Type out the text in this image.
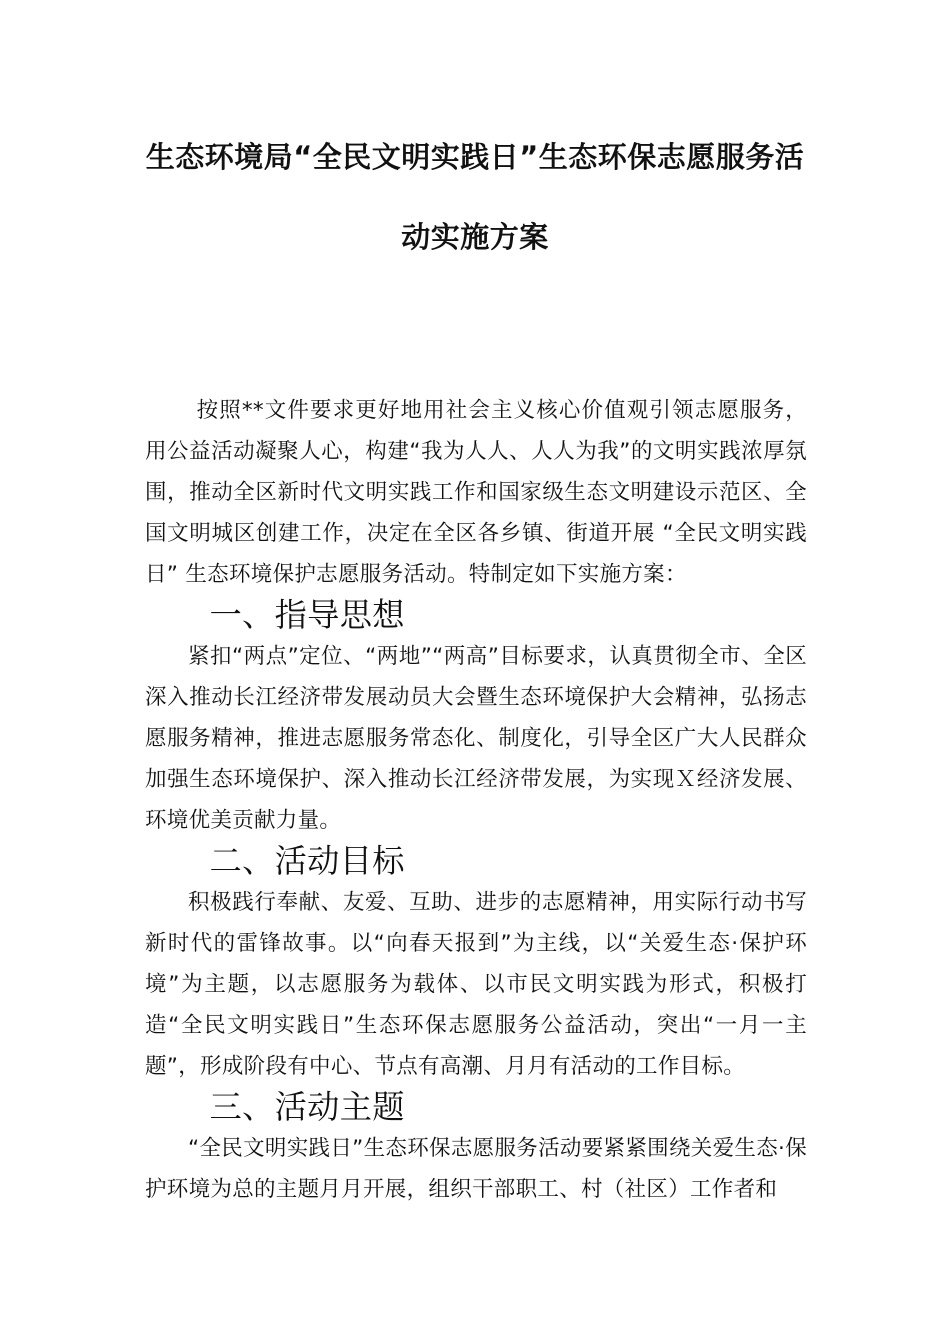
生态环境局“全民文明实践日”生态环保志愿服务活
动实施方案

按照**文件要求更好地用社会主义核心价值观引领志愿服务，用公益活动凝聚人心，构建“我为人人、人人为我”的文明实践浓厚氛围，推动全区新时代文明实践工作和国家级生态文明建设示范区、全国文明城区创建工作，决定在全区各乡镇、街道开展 “全民文明实践日” 生态环境保护志愿服务活动。特制定如下实施方案：

一、指导思想

紧扣“两点”定位、“两地”“两高”目标要求，认真贯彻全市、全区深入推动长江经济带发展动员大会暨生态环境保护大会精神，弘扬志愿服务精神，推进志愿服务常态化、制度化，引导全区广大人民群众加强生态环境保护、深入推动长江经济带发展，为实现Ｘ经济发展、环境优美贡献力量。

二、活动目标

积极践行奉献、友爱、互助、进步的志愿精神，用实际行动书写新时代的雷锋故事。以“向春天报到”为主线，以“关爱生态·保护环境”为主题，以志愿服务为载体、以市民文明实践为形式，积极打造“全民文明实践日”生态环保志愿服务公益活动，突出“一月一主题”，形成阶段有中心、节点有高潮、月月有活动的工作目标。

三、活动主题

“全民文明实践日”生态环保志愿服务活动要紧紧围绕关爱生态·保护环境为总的主题月月开展，组织干部职工、村（社区）工作者和
